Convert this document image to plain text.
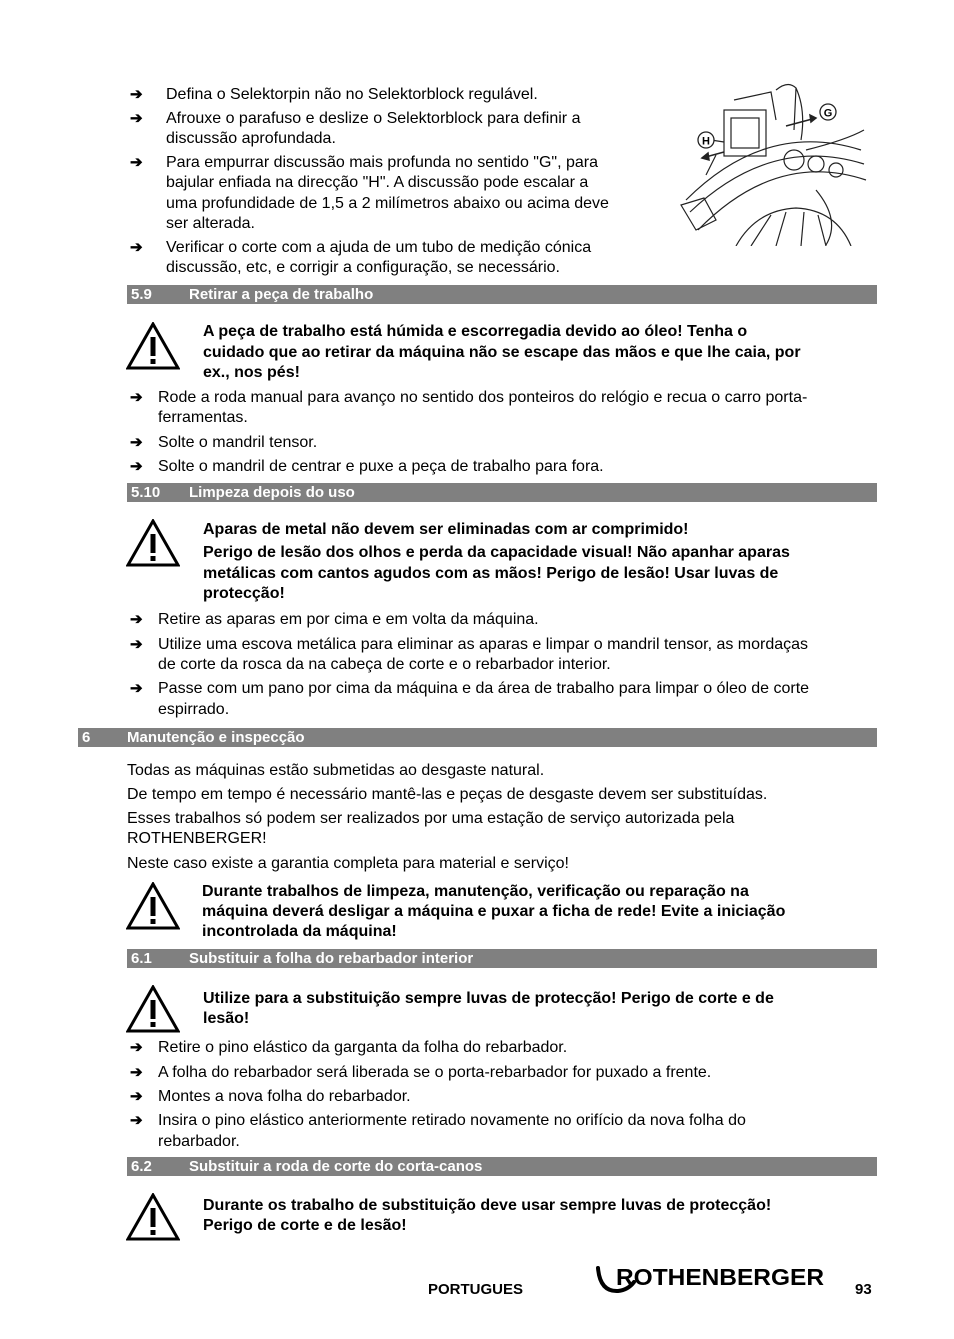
➔ Defina o Selektorpin não no Selektorblock regulável.
➔ Afrouxe o parafuso e deslize o Selektorblock para definir a
discussão aprofundada.
➔ Para empurrar discussão mais profunda no sentido "G", para
bajular enfiada na direcção "H". A discussão pode escalar a
uma profundidade de 1,5 a 2 milímetros abaixo ou acima deve
ser alterada.
➔ Verificar o corte com a ajuda de um tubo de medição cónica
discussão, etc, e corrigir a configuração, se necessário.
H
G
5.9 Retirar a peça de trabalho
A peça de trabalho está húmida e escorregadia devido ao óleo! Tenha o
cuidado que ao retirar da máquina não se escape das mãos e que lhe caia, por
ex., nos pés!
➔ Rode a roda manual para avanço no sentido dos ponteiros do relógio e recua o carro porta-
ferramentas.
➔ Solte o mandril tensor.
➔ Solte o mandril de centrar e puxe a peça de trabalho para fora.
5.10 Limpeza depois do uso
Aparas de metal não devem ser eliminadas com ar comprimido!
Perigo de lesão dos olhos e perda da capacidade visual! Não apanhar aparas
metálicas com cantos agudos com as mãos! Perigo de lesão! Usar luvas de
protecção!
➔ Retire as aparas em por cima e em volta da máquina.
➔ Utilize uma escova metálica para eliminar as aparas e limpar o mandril tensor, as mordaças
de corte da rosca da na cabeça de corte e o rebarbador interior.
➔ Passe com um pano por cima da máquina e da área de trabalho para limpar o óleo de corte
espirrado.
6 Manutenção e inspecção
Todas as máquinas estão submetidas ao desgaste natural.
De tempo em tempo é necessário mantê-las e peças de desgaste devem ser substituídas.
Esses trabalhos só podem ser realizados por uma estação de serviço autorizada pela
ROTHENBERGER!
Neste caso existe a garantia completa para material e serviço!
Durante trabalhos de limpeza, manutenção, verificação ou reparação na
máquina deverá desligar a máquina e puxar a ficha de rede! Evite a iniciação
incontrolada da máquina!
6.1 Substituir a folha do rebarbador interior
Utilize para a substituição sempre luvas de protecção! Perigo de corte e de
lesão!
➔ Retire o pino elástico da garganta da folha do rebarbador.
➔ A folha do rebarbador será liberada se o porta-rebarbador for puxado a frente.
➔ Montes a nova folha do rebarbador.
➔ Insira o pino elástico anteriormente retirado novamente no orifício da nova folha do
rebarbador.
6.2 Substituir a roda de corte do corta-canos
Durante os trabalho de substituição deve usar sempre luvas de protecção!
Perigo de corte e de lesão!
PORTUGUES	ROTHENBERGER 93
